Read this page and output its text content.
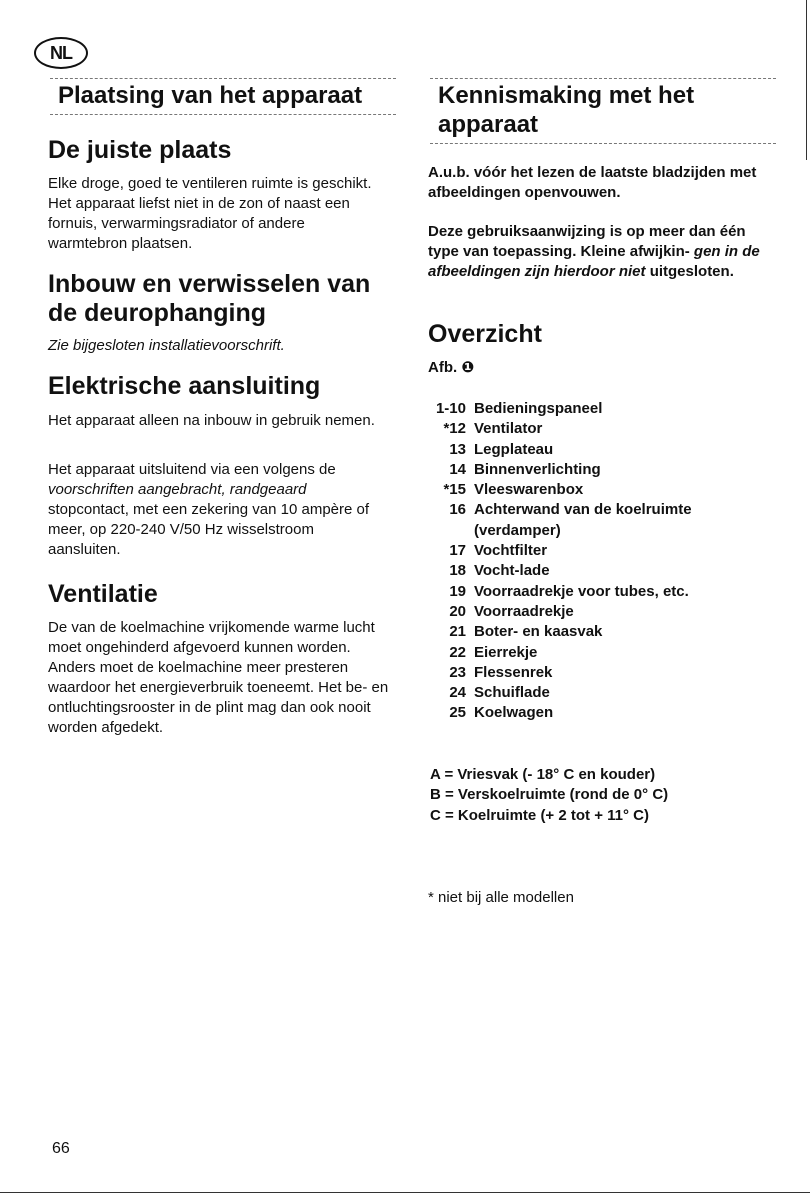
NL
Plaatsing van het apparaat
De juiste plaats

Elke droge, goed te ventileren ruimte is geschikt. Het apparaat liefst niet in de zon of naast een fornuis, verwarmingsradiator of andere warmtebron plaatsen.

Inbouw en verwisselen van de deurophanging

Zie bijgesloten installatievoorschrift.

Elektrische aansluiting

Het apparaat alleen na inbouw in gebruik nemen.

Het apparaat uitsluitend via een volgens de voorschriften aangebracht, randgeaard stopcontact, met een zekering van 10 ampère of meer, op 220-240 V/50 Hz wisselstroom aansluiten.

Ventilatie

De van de koelmachine vrijkomende warme lucht moet ongehinderd afgevoerd kunnen worden. Anders moet de koelmachine meer presteren waardoor het energieverbruik toeneemt. Het be- en ontluchtingsrooster in de plint mag dan ook nooit worden afgedekt.

Kennismaking met het apparaat

A.u.b. vóór het lezen de laatste bladzijden met afbeeldingen openvouwen.

Deze gebruiksaanwijzing is op meer dan één type van toepassing. Kleine afwijkin- gen in de afbeeldingen zijn hierdoor niet uitgesloten.

Overzicht

Afb. ❶

1-10 Bedieningspaneel
*12 Ventilator
13 Legplateau
14 Binnenverlichting
*15 Vleeswarenbox
16 Achterwand van de koelruimte
(verdamper)
17 Vochtfilter
18 Vocht-lade
19 Voorraadrekje voor tubes, etc.
20 Voorraadrekje
21 Boter- en kaasvak
22 Eierrekje
23 Flessenrek
24 Schuiflade
25 Koelwagen
A = Vriesvak (- 18° C en kouder)
B = Verskoelruimte (rond de 0° C)
C = Koelruimte (+ 2 tot + 11° C)

* niet bij alle modellen

66
